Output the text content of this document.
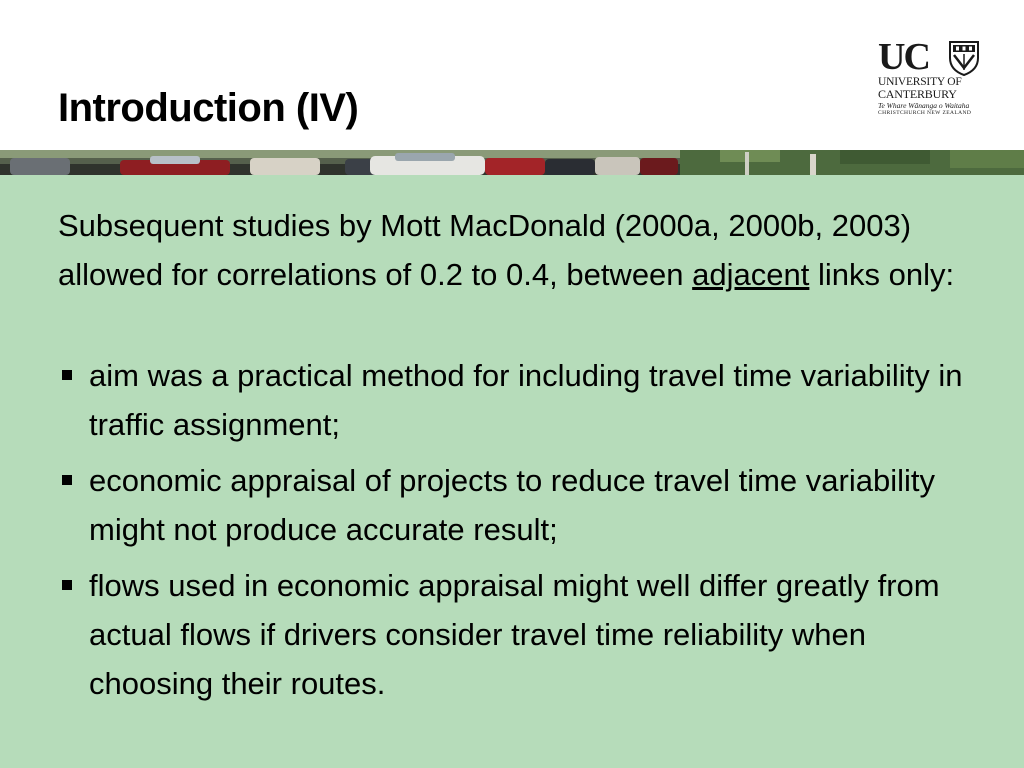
Introduction (IV)
UC
UNIVERSITY OF
CANTERBURY
Te Whare Wānanga o Waitaha
CHRISTCHURCH NEW ZEALAND

Subsequent studies by Mott MacDonald (2000a, 2000b, 2003) allowed for correlations of 0.2 to 0.4, between adjacent links only:

aim was a practical method for including travel time variability in traffic assignment;
economic appraisal of projects to reduce travel time variability might not produce accurate result;
flows used in economic appraisal might well differ greatly from actual flows if drivers consider travel time reliability when choosing their routes.
